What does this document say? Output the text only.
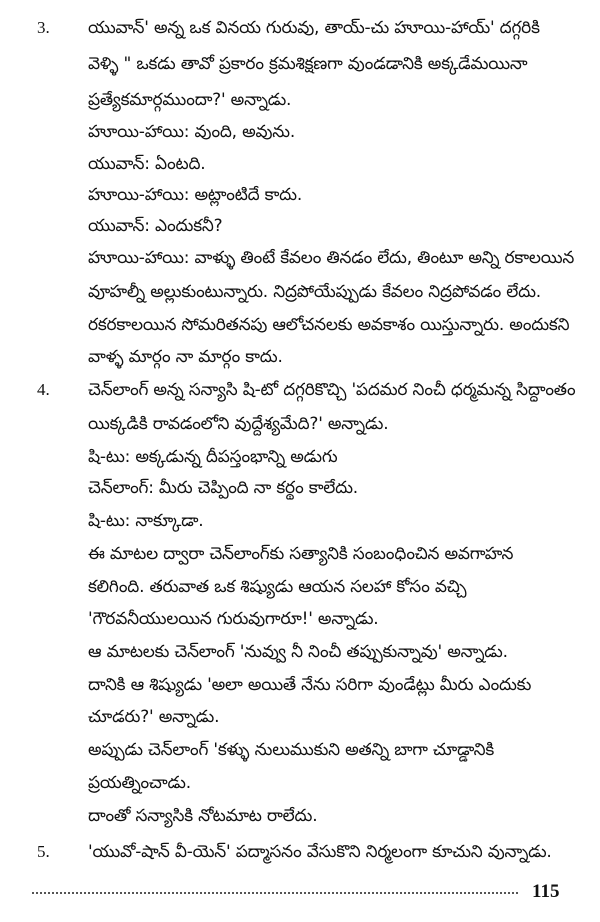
3. యువాన్' అన్న ఒక వినయ గురువు, తాయ్-చు హూయి-హాయ్' దగ్గరికి
వెళ్ళి " ఒకడు తావో ప్రకారం క్రమశిక్షణగా వుండడానికి అక్కడేమయినా
ప్రత్యేకమార్గముందా?' అన్నాడు.
హూయి-హాయి: వుంది, అవును.
యువాన్: ఏంటది.
హూయి-హాయి: అట్లాంటిదే కాదు.
యువాన్: ఎందుకనీ?
హూయి-హాయి: వాళ్ళు తింటే కేవలం తినడం లేదు, తింటూ అన్ని రకాలయిన
వూహల్నీ అల్లుకుంటున్నారు. నిద్రపోయేప్పుడు కేవలం నిద్రపోవడం లేదు.
రకరకాలయిన సోమరితనపు ఆలోచనలకు అవకాశం యిస్తున్నారు. అందుకని
వాళ్ళ మార్గం నా మార్గం కాదు.
4. చెన్‌లాంగ్ అన్న సన్యాసి షి-టో దగ్గరికొచ్చి 'పదమర నించీ ధర్మమన్న సిద్ధాంతం
యిక్కడికి రావడంలోని వుద్దేశ్యమేది?' అన్నాడు.
షి-టు: అక్కడున్న దీపస్తంభాన్ని అడుగు
చెన్‌లాంగ్: మీరు చెప్పింది నా కర్థం కాలేదు.
షి-టు: నాక్కూడా.
ఈ మాటల ద్వారా చెన్‌లాంగ్‌కు సత్యానికి సంబంధించిన అవగాహన
కలిగింది. తరువాత ఒక శిష్యుడు ఆయన సలహా కోసం వచ్చి
'గౌరవనీయులయిన గురువుగారూ!' అన్నాడు.
ఆ మాటలకు చెన్‌లాంగ్ 'నువ్వు నీ నించీ తప్పుకున్నావు' అన్నాడు.
దానికి ఆ శిష్యుడు 'అలా అయితే నేను సరిగా వుండేట్లు మీరు ఎందుకు
చూడరు?' అన్నాడు.
అప్పుడు చెన్‌లాంగ్ 'కళ్ళు నులుముకుని అతన్ని బాగా చూడ్డానికి
ప్రయత్నించాడు.
దాంతో సన్యాసికి నోటమాట రాలేదు.
5. 'యువో-షాన్ వీ-యెన్' పద్మాసనం వేసుకొని నిర్మలంగా కూచుని వున్నాడు.
115
